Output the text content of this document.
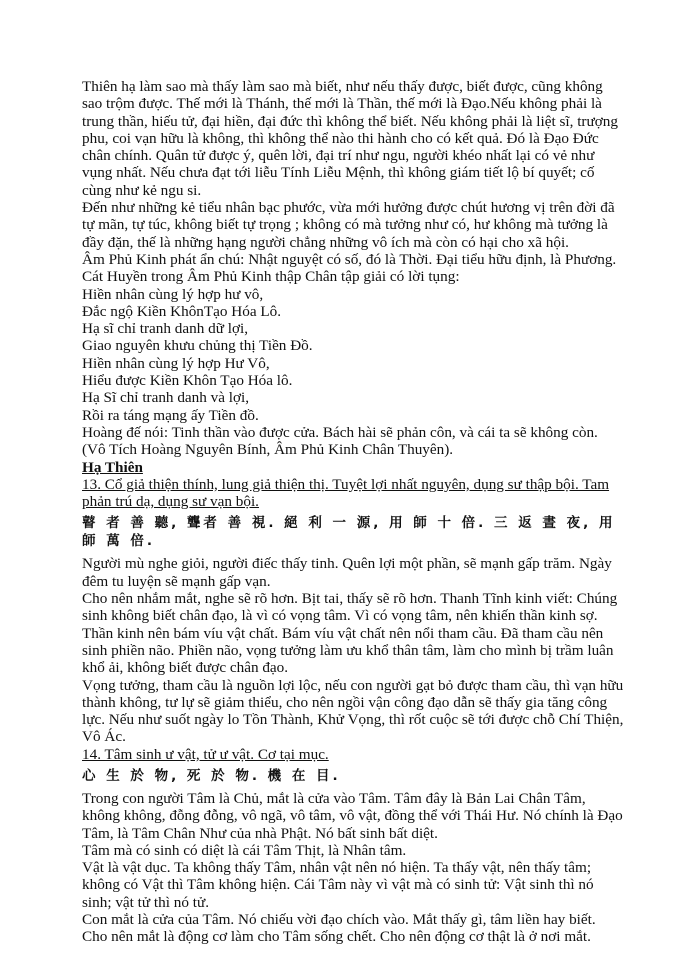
Thiên hạ làm sao mà thấy làm sao mà biết, như nếu thấy được, biết được, cũng không sao trộm được. Thế mới là Thánh, thế mới là Thần, thế mới là Đạo.Nếu không phải là trung thần, hiếu tử, đại hiền, đại đức thì không thể biết. Nếu không phải là liệt sĩ, trượng phu, coi vạn hữu là không, thì không thể nào thi hành cho có kết quả. Đó là Đạo Đức chân chính. Quân tử được ý, quên lời, đại trí như ngu, người khéo nhất lại có vẻ như vụng nhất. Nếu chưa đạt tới liễu Tính Liễu Mệnh, thì không giám tiết lộ bí quyết; cố cùng như kẻ ngu si.

Đến như những kẻ tiểu nhân bạc phước, vừa mới hưởng được chút hương vị trên đời đã tự mãn, tự túc, không biết tự trọng ; không có mà tưởng như có, hư không mà tưởng là đầy đặn, thế là những hạng người chẳng những vô ích mà còn có hại cho xã hội.

Âm Phủ Kinh phát ẩn chú: Nhật nguyệt có số, đó là Thời. Đại tiểu hữu định, là Phương.

Cát Huyền trong Âm Phủ Kinh thập Chân tập giải có lời tụng:

Hiền nhân cùng lý hợp hư vô,

Đắc ngộ Kiền KhônTạo Hóa Lô.

Hạ sĩ chỉ tranh danh dữ lợi,

Giao nguyên khưu chủng thị Tiền Đồ.

Hiền nhân cùng lý hợp Hư Vô,

Hiểu được Kiền Khôn Tạo Hóa lô.

Hạ Sĩ chỉ tranh danh và lợi,

Rồi ra táng mạng ấy Tiền đồ.

Hoàng đế nói: Tinh thần vào được cửa. Bách hài sẽ phản côn, và cái ta sẽ không còn. (Vô Tích Hoàng Nguyên Bính, Âm Phủ Kinh Chân Thuyên).

Hạ Thiên

13. Cổ giả thiện thính, lung giả thiện thị. Tuyệt lợi nhất nguyên, dụng sư thập bội. Tam phản trú dạ, dụng sư vạn bội.

瞽 者 善 聽, 聾者 善 視. 絕 利 一 源, 用 師 十 倍. 三 返 晝 夜, 用 師 萬 倍.

Người mù nghe giỏi, người điếc thấy tinh. Quên lợi một phần, sẽ mạnh gấp trăm. Ngày đêm tu luyện sẽ mạnh gấp vạn.

Cho nên nhắm mắt, nghe sẽ rõ hơn. Bịt tai, thấy sẽ rõ hơn. Thanh Tĩnh kinh viết: Chúng sinh không biết chân đạo, là vì có vọng tâm. Vì có vọng tâm, nên khiến thần kinh sợ. Thần kinh nên bám víu vật chất. Bám víu vật chất nên nổi tham cầu. Đã tham cầu nên sinh phiền não. Phiền não, vọng tưởng làm ưu khổ thân tâm, làm cho mình bị trầm luân khổ ải, không biết được chân đạo.

Vọng tưởng, tham cầu là nguồn lợi lộc, nếu con người gạt bỏ được tham cầu, thì vạn hữu thành không, tư lự sẽ giảm thiểu, cho nên ngồi vận công đạo dẫn sẽ thấy gia tăng công lực. Nếu như suốt ngày lo Tồn Thành, Khử Vọng, thì rốt cuộc sẽ tới được chỗ Chí Thiện, Vô Ác.

14. Tâm sinh ư vật, tử ư vật. Cơ tại mục.

心 生 於 物, 死 於 物. 機 在 目.

Trong con người Tâm là Chủ, mắt là cửa vào Tâm. Tâm đây là Bản Lai Chân Tâm, không không, đỗng đỗng, vô ngã, vô tâm, vô vật, đồng thể với Thái Hư. Nó chính là Đạo Tâm, là Tâm Chân Như của nhà Phật. Nó bất sinh bất diệt.

Tâm mà có sinh có diệt là cái Tâm Thịt, là Nhân tâm.

Vật là vật dục. Ta không thấy Tâm, nhân vật nên nó hiện. Ta thấy vật, nên thấy tâm; không có Vật thì Tâm không hiện. Cái Tâm này vì vật mà có sinh tử: Vật sinh thì nó sinh; vật tử thì nó tử.

Con mắt là cửa của Tâm. Nó chiếu vời đạo chích vào. Mắt thấy gì, tâm liền hay biết. Cho nên mắt là động cơ làm cho Tâm sống chết. Cho nên động cơ thật là ở nơi mắt.
